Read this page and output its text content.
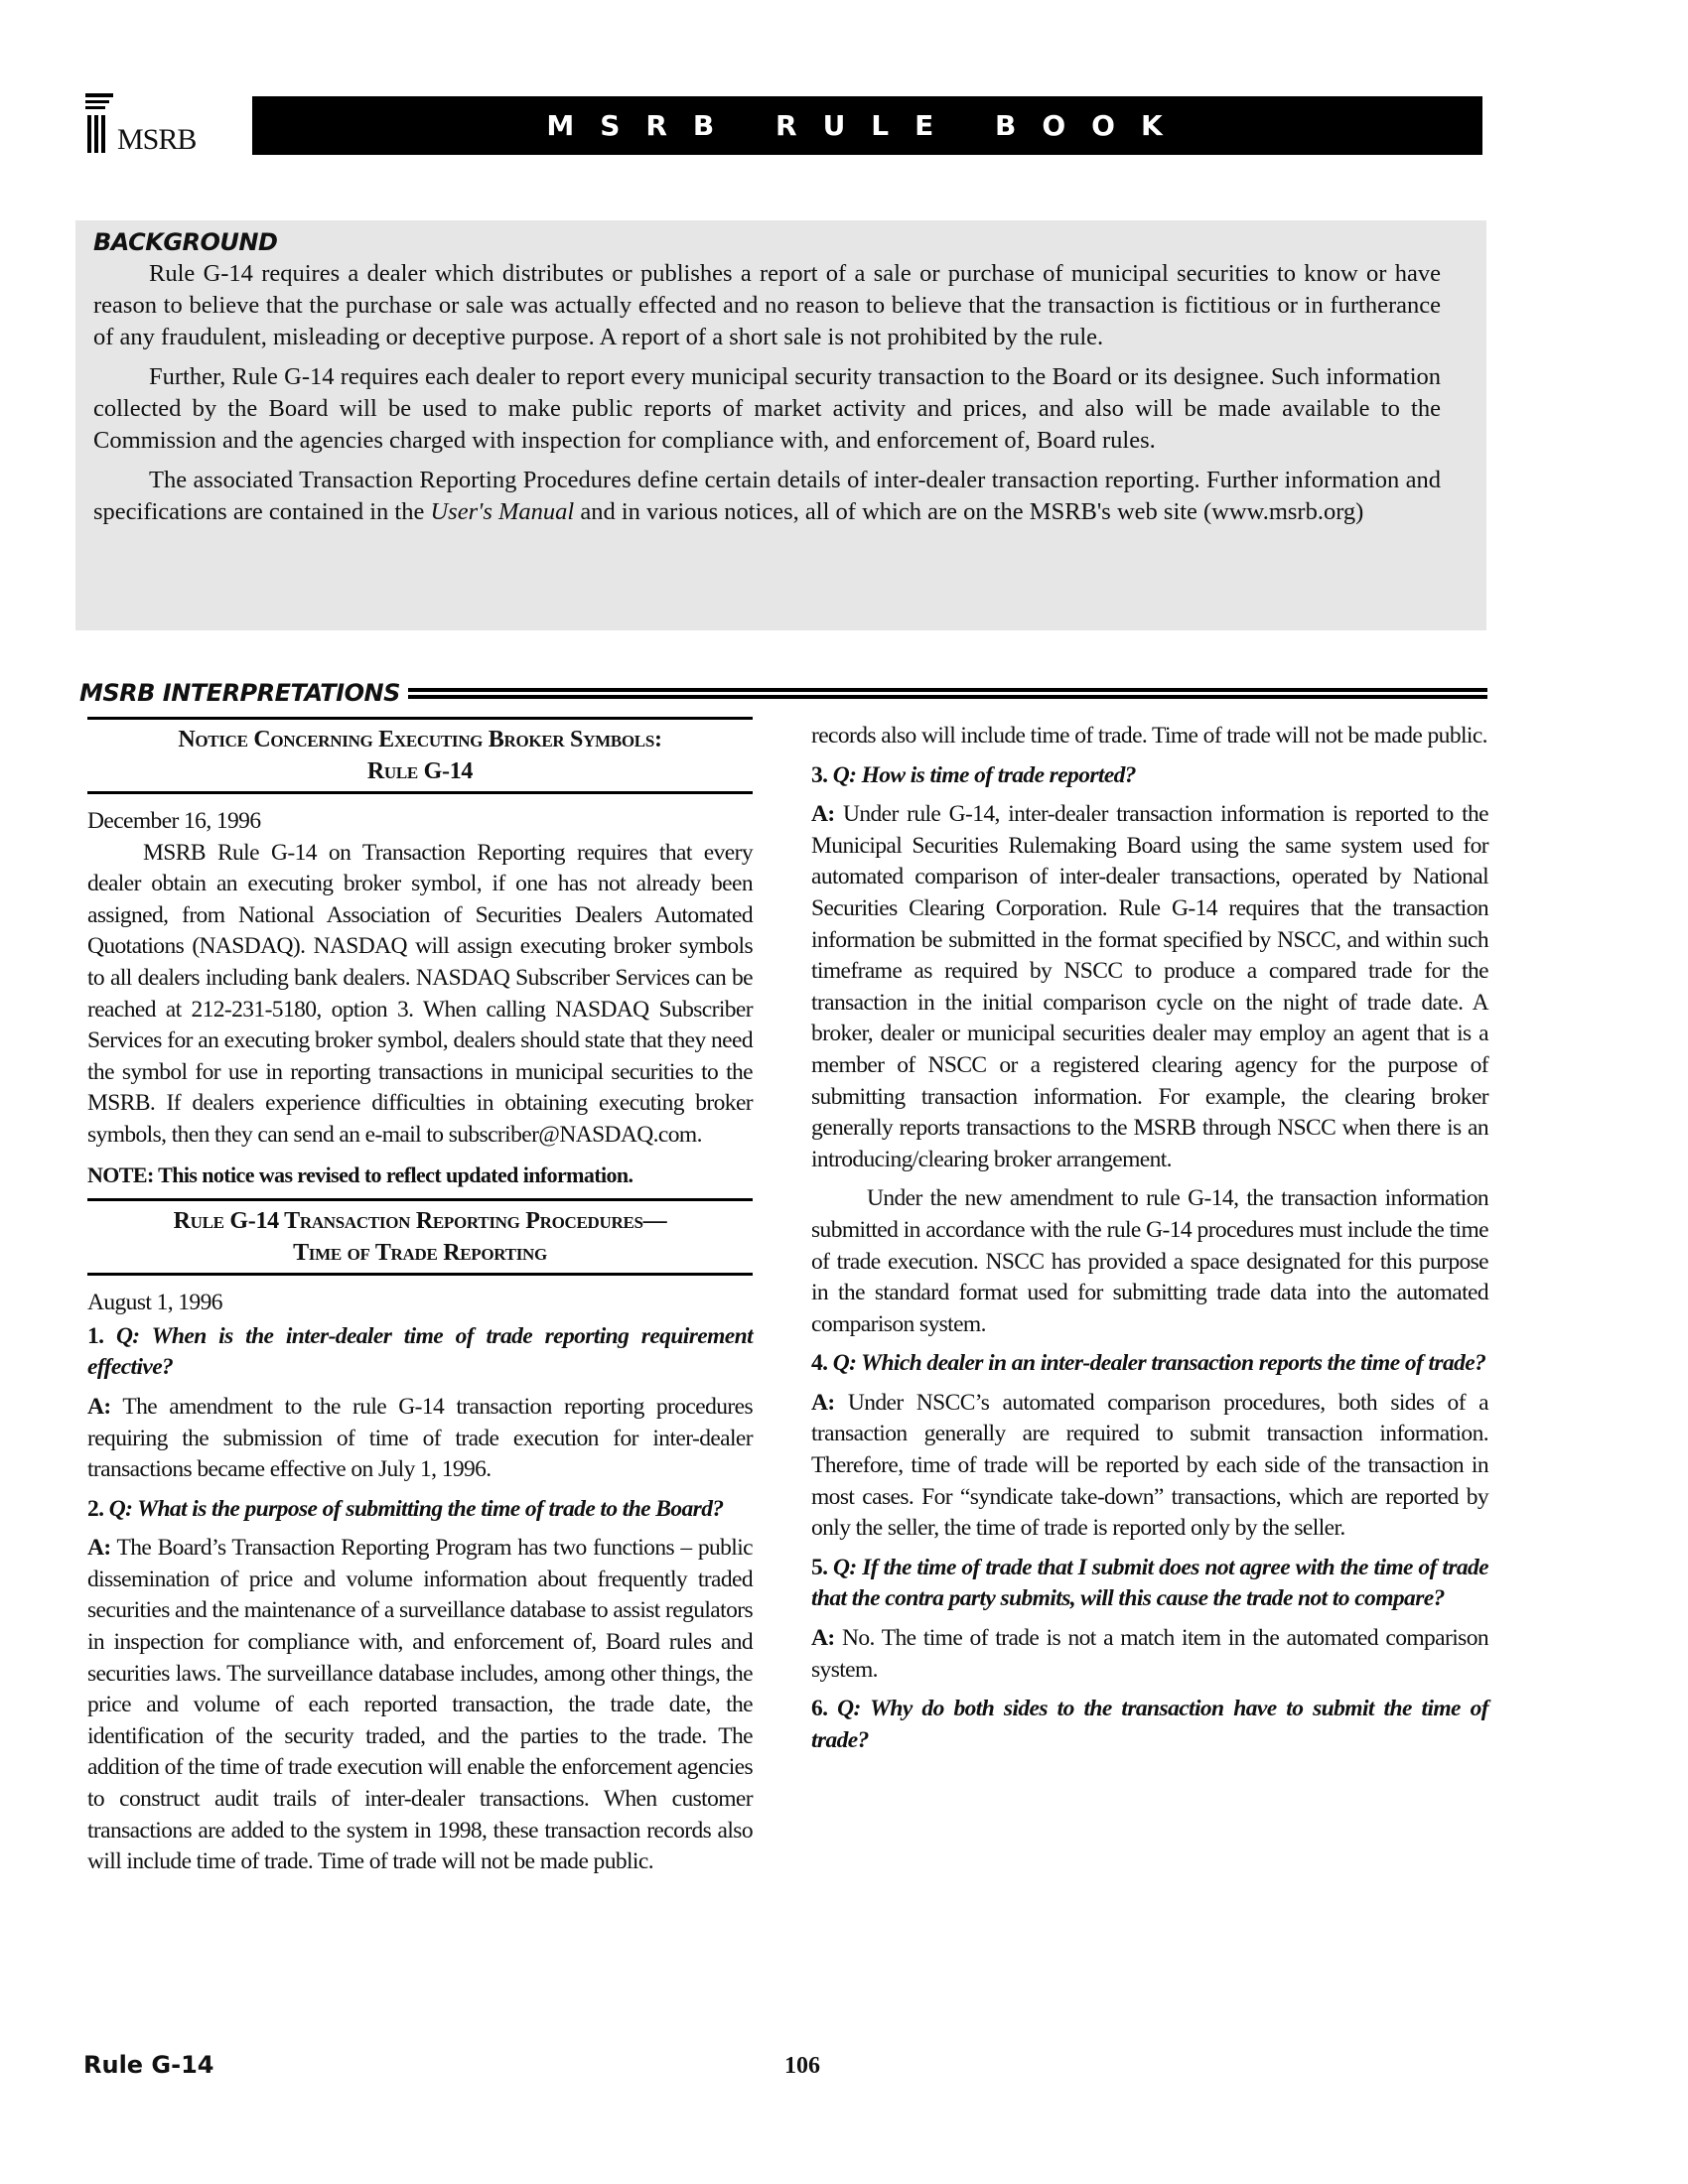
MSRB	MSRB RULE BOOK
BACKGROUND

Rule G-14 requires a dealer which distributes or publishes a report of a sale or purchase of municipal securities to know or have reason to believe that the purchase or sale was actually effected and no reason to believe that the transaction is fictitious or in furtherance of any fraudulent, misleading or deceptive purpose. A report of a short sale is not prohibited by the rule.

Further, Rule G-14 requires each dealer to report every municipal security transaction to the Board or its designee. Such information collected by the Board will be used to make public reports of market activity and prices, and also will be made available to the Commission and the agencies charged with inspection for compliance with, and enforcement of, Board rules.

The associated Transaction Reporting Procedures define certain details of inter-dealer transaction reporting. Further information and specifications are contained in the User's Manual and in various notices, all of which are on the MSRB's web site (www.msrb.org)

MSRB INTERPRETATIONS
Notice Concerning Executing Broker Symbols:
Rule G-14

December 16, 1996

MSRB Rule G-14 on Transaction Reporting requires that every dealer obtain an executing broker symbol, if one has not already been assigned, from National Association of Securities Dealers Automated Quotations (NASDAQ). NASDAQ will assign executing broker symbols to all dealers including bank dealers. NASDAQ Subscriber Services can be reached at 212-231-5180, option 3. When calling NASDAQ Subscriber Services for an executing broker symbol, dealers should state that they need the symbol for use in reporting transactions in municipal securities to the MSRB. If dealers experience difficulties in obtaining executing broker symbols, then they can send an e-mail to subscriber@NASDAQ.com.

NOTE: This notice was revised to reflect updated information.

Rule G-14 Transaction Reporting Procedures—
Time of Trade Reporting

August 1, 1996

1. Q: When is the inter-dealer time of trade reporting requirement effective?

A: The amendment to the rule G-14 transaction reporting procedures requiring the submission of time of trade execution for inter-dealer transactions became effective on July 1, 1996.

2. Q: What is the purpose of submitting the time of trade to the Board?

A: The Board’s Transaction Reporting Program has two functions – public dissemination of price and volume information about frequently traded securities and the maintenance of a surveillance database to assist regulators in inspection for compliance with, and enforcement of, Board rules and securities laws. The surveillance database includes, among other things, the price and volume of each reported transaction, the trade date, the identification of the security traded, and the parties to the trade. The addition of the time of trade execution will enable the enforcement agencies to construct audit trails of inter-dealer transactions. When customer transactions are added to the system in 1998, these transaction records also will include time of trade. Time of trade will not be made public.

records also will include time of trade. Time of trade will not be made public.

3. Q: How is time of trade reported?

A: Under rule G-14, inter-dealer transaction information is reported to the Municipal Securities Rulemaking Board using the same system used for automated comparison of inter-dealer transactions, operated by National Securities Clearing Corporation. Rule G-14 requires that the transaction information be submitted in the format specified by NSCC, and within such timeframe as required by NSCC to produce a compared trade for the transaction in the initial comparison cycle on the night of trade date. A broker, dealer or municipal securities dealer may employ an agent that is a member of NSCC or a registered clearing agency for the purpose of submitting transaction information. For example, the clearing broker generally reports transactions to the MSRB through NSCC when there is an introducing/clearing broker arrangement.

Under the new amendment to rule G-14, the transaction information submitted in accordance with the rule G-14 procedures must include the time of trade execution. NSCC has provided a space designated for this purpose in the standard format used for submitting trade data into the automated comparison system.

4. Q: Which dealer in an inter-dealer transaction reports the time of trade?

A: Under NSCC’s automated comparison procedures, both sides of a transaction generally are required to submit transaction information. Therefore, time of trade will be reported by each side of the transaction in most cases. For “syndicate take-down” transactions, which are reported by only the seller, the time of trade is reported only by the seller.

5. Q: If the time of trade that I submit does not agree with the time of trade that the contra party submits, will this cause the trade not to compare?

A: No. The time of trade is not a match item in the automated comparison system.

6. Q: Why do both sides to the transaction have to submit the time of trade?

Rule G-14	106
